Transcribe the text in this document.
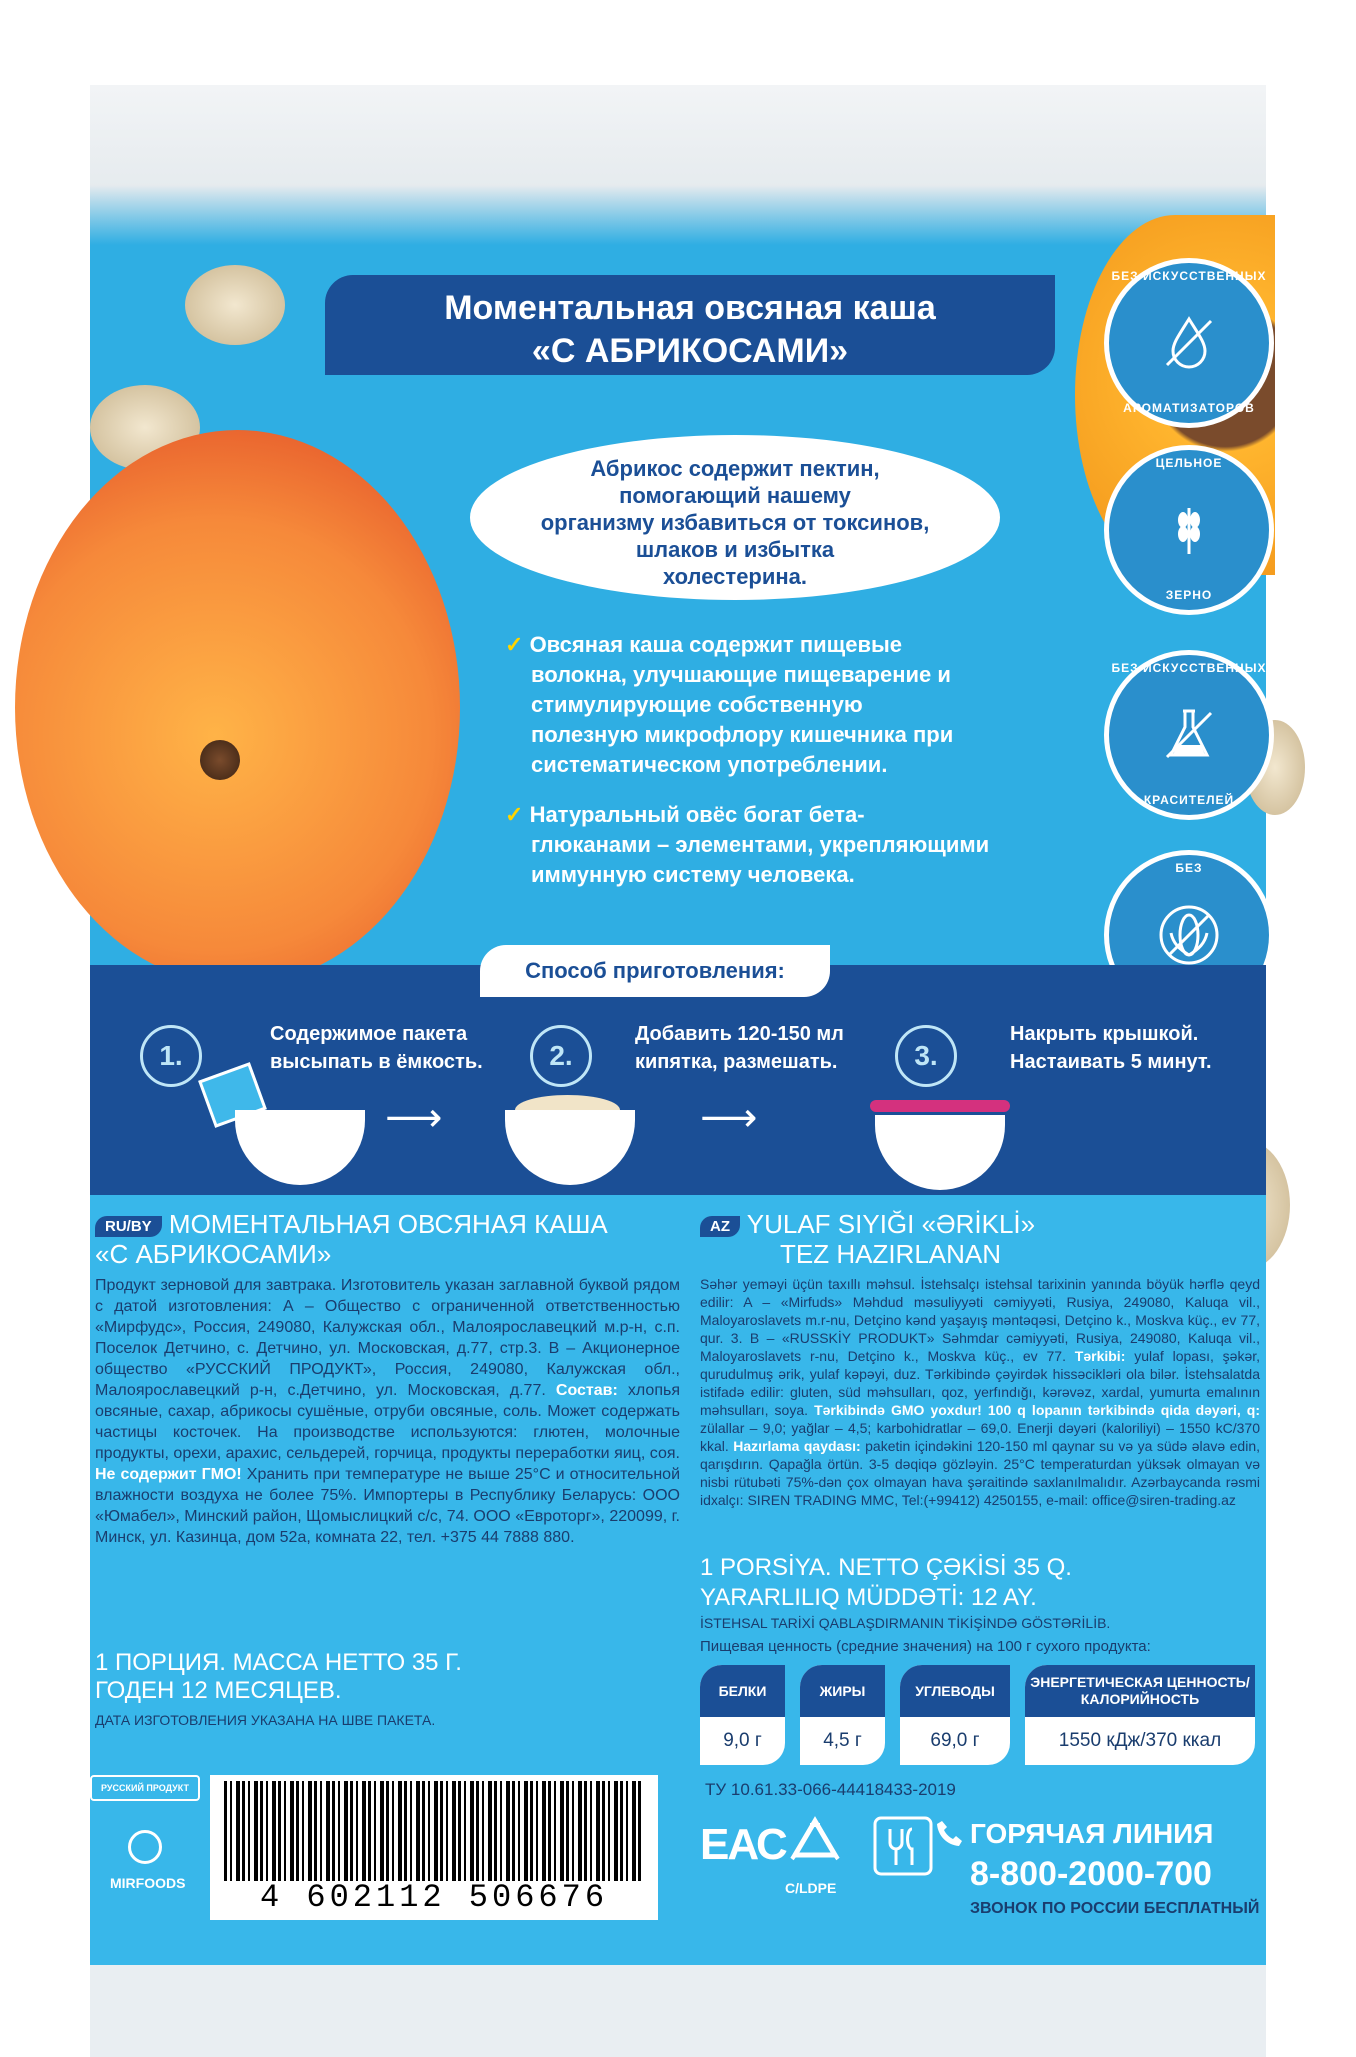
Моментальная овсяная каша
«С АБРИКОСАМИ»
Абрикос содержит пектин,
помогающий нашему
организму избавиться от токсинов,
шлаков и избытка
холестерина.
✓ Овсяная каша содержит пищевые
волокна, улучшающие пищеварение и
стимулирующие собственную
полезную микрофлору кишечника при
систематическом употреблении.
✓ Натуральный овёс богат бета-
глюканами – элементами, укрепляющими
иммунную систему человека.
БЕЗ ИСКУССТВЕННЫХ
АРОМАТИЗАТОРОВ
ЦЕЛЬНОЕ
ЗЕРНО
БЕЗ ИСКУССТВЕННЫХ
КРАСИТЕЛЕЙ
БЕЗ
Способ приготовления:
1.
Содержимое пакета
высыпать в ёмкость.
⟶
2.
Добавить 120-150 мл
кипятка, размешать.
⟶
3.
Накрыть крышкой.
Настаивать 5 минут.
RU/BY МОМЕНТАЛЬНАЯ ОВСЯНАЯ КАША
«С АБРИКОСАМИ»
Продукт зерновой для завтрака. Изготовитель указан заглавной буквой рядом с датой изготовления: А – Общество с ограниченной ответственностью «Мирфудс», Россия, 249080, Калужская обл., Малоярославецкий м.р-н, с.п. Поселок Детчино, с. Детчино, ул. Московская, д.77, стр.3. В – Акционерное общество «РУССКИЙ ПРОДУКТ», Россия, 249080, Калужская обл., Малоярославецкий р-н, с.Детчино, ул. Московская, д.77. Состав: хлопья овсяные, сахар, абрикосы сушёные, отруби овсяные, соль. Может содержать частицы косточек. На производстве используются: глютен, молочные продукты, орехи, арахис, сельдерей, горчица, продукты переработки яиц, соя. Не содержит ГМО! Хранить при температуре не выше 25°С и относительной влажности воздуха не более 75%. Импортеры в Республику Беларусь: ООО «Юмабел», Минский район, Щомыслицкий с/с, 74. ООО «Евроторг», 220099, г. Минск, ул. Казинца, дом 52а, комната 22, тел. +375 44 7888 880.
1 ПОРЦИЯ. МАССА НЕТТО 35 Г.
ГОДЕН 12 МЕСЯЦЕВ.
ДАТА ИЗГОТОВЛЕНИЯ УКАЗАНА НА ШВЕ ПАКЕТА.
AZ YULAF SIYIĞI «ƏRİKLİ»
TEZ HAZIRLANAN
Səhər yeməyi üçün taxıllı məhsul. İstehsalçı istehsal tarixinin yanında böyük hərflə qeyd edilir: A – «Mirfuds» Məhdud məsuliyyəti cəmiyyəti, Rusiya, 249080, Kaluqa vil., Maloyaroslavets m.r-nu, Detçino kənd yaşayış məntəqəsi, Detçino k., Moskva küç., ev 77, qur. 3. B – «RUSSKİY PRODUKT» Səhmdar cəmiyyəti, Rusiya, 249080, Kaluqa vil., Maloyaroslavets r-nu, Detçino k., Moskva küç., ev 77. Tərkibi: yulaf lopası, şəkər, qurudulmuş ərik, yulaf kəpəyi, duz. Tərkibində çəyirdək hissəcikləri ola bilər. İstehsalatda istifadə edilir: gluten, süd məhsulları, qoz, yerfındığı, kərəvəz, xardal, yumurta emalının məhsulları, soya. Tərkibində GMO yoxdur! 100 q lopanın tərkibində qida dəyəri, q: zülallar – 9,0; yağlar – 4,5; karbohidratlar – 69,0. Enerji dəyəri (kaloriliyi) – 1550 kC/370 kkal. Hazırlama qaydası: paketin içindəkini 120-150 ml qaynar su və ya südə əlavə edin, qarışdırın. Qapağla örtün. 3-5 dəqiqə gözləyin. 25°C temperaturdan yüksək olmayan və nisbi rütubəti 75%-dən çox olmayan hava şəraitində saxlanılmalıdır. Azərbaycanda rəsmi idxalçı: SIREN TRADING MMC, Tel:(+99412) 4250155, e-mail: office@siren-trading.az
1 PORSİYA. NETTO ÇƏKİSİ 35 Q.
YARARLILIQ MÜDDƏTİ: 12 AY.
İSTEHSAL TARİXİ QABLAŞDIRMANIN TİKİŞİNDƏ GÖSTƏRİLİB.
Пищевая ценность (средние значения) на 100 г сухого продукта:
БЕЛКИ
9,0 г
ЖИРЫ
4,5 г
УГЛЕВОДЫ
69,0 г
ЭНЕРГЕТИЧЕСКАЯ ЦЕННОСТЬ/КАЛОРИЙНОСТЬ
1550 кДж/370 ккал
ТУ 10.61.33-066-44418433-2019
РУССКИЙ ПРОДУКТ
MIRFOODS	4 602112 506676
ЕАС
C/LDPE
ГОРЯЧАЯ ЛИНИЯ
8-800-2000-700
ЗВОНОК ПО РОССИИ БЕСПЛАТНЫЙ
